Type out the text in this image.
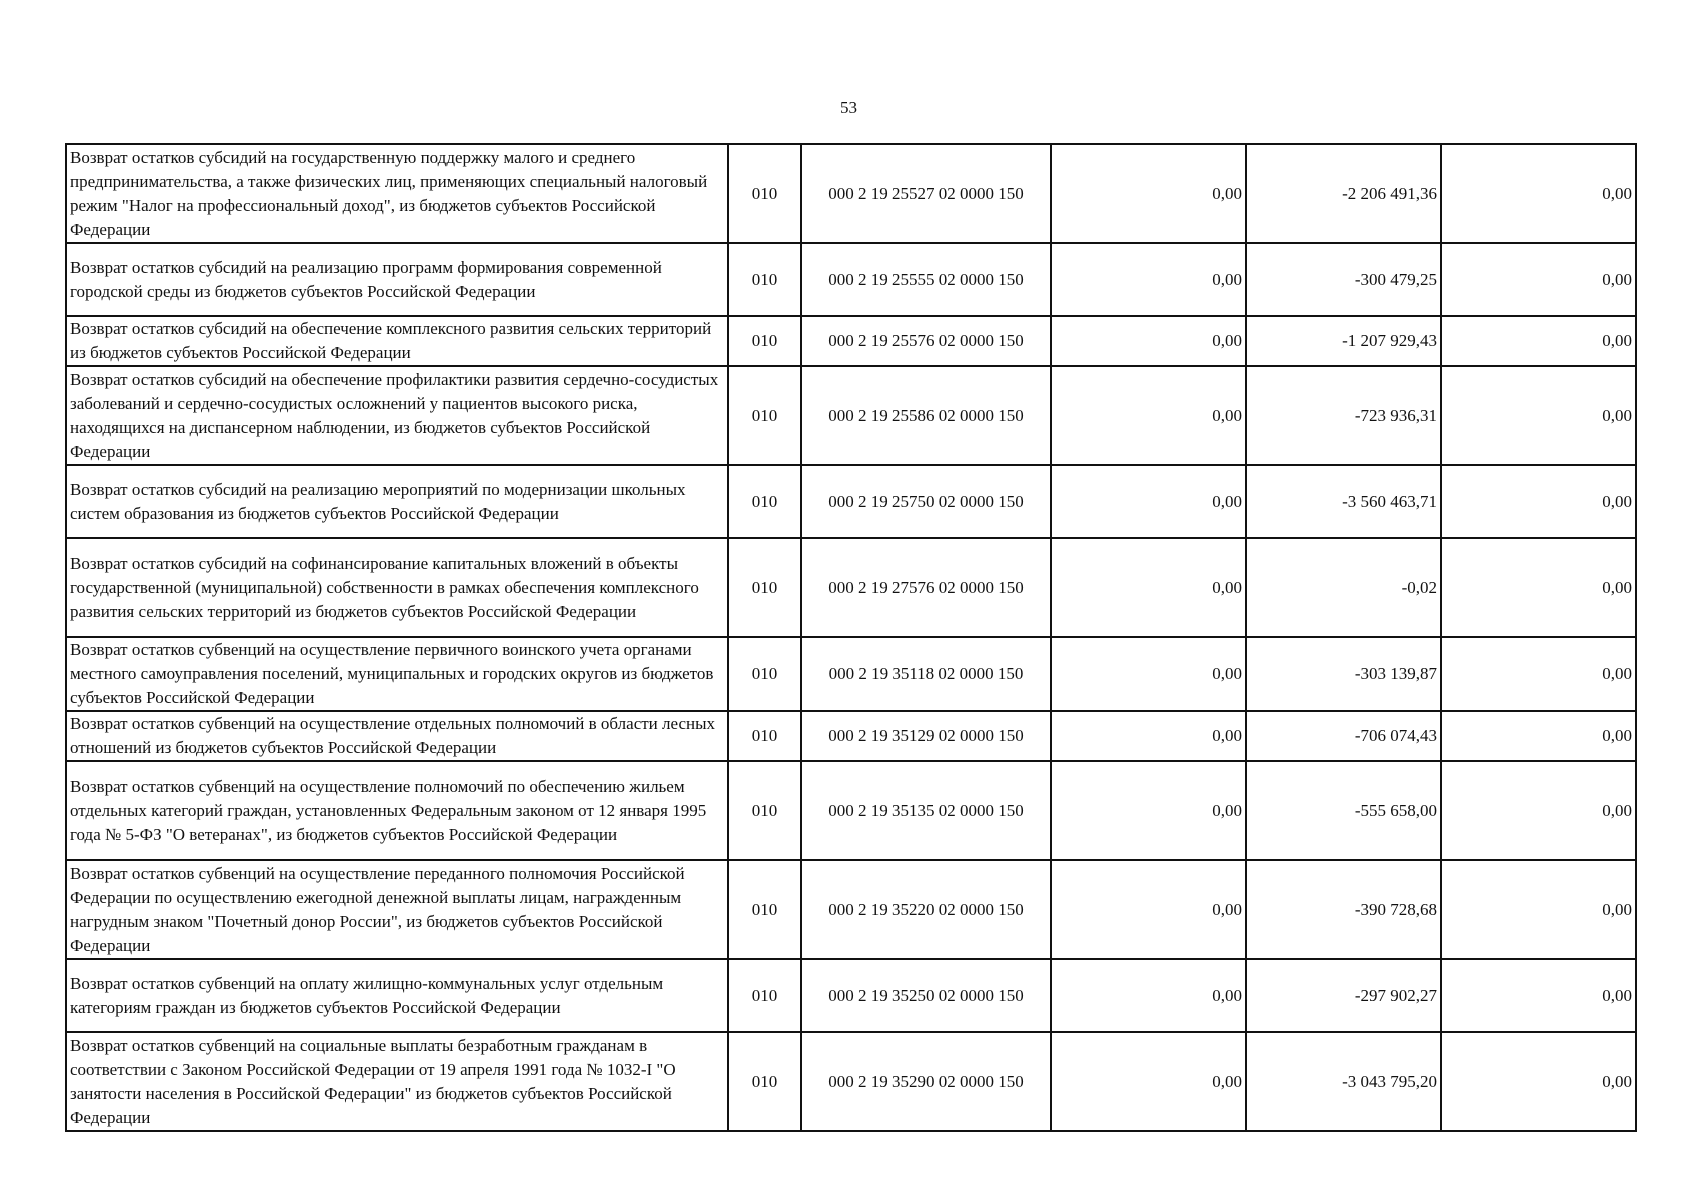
53
Возврат остатков субсидий на государственную поддержку малого и среднего предпринимательства, а также физических лиц, применяющих специальный налоговый режим "Налог на профессиональный доход", из бюджетов субъектов Российской Федерации	010	000 2 19 25527 02 0000 150	0,00	-2 206 491,36	0,00
Возврат остатков субсидий на реализацию программ формирования современной городской среды из бюджетов субъектов Российской Федерации	010	000 2 19 25555 02 0000 150	0,00	-300 479,25	0,00
Возврат остатков субсидий на обеспечение комплексного развития сельских территорий из бюджетов субъектов Российской Федерации	010	000 2 19 25576 02 0000 150	0,00	-1 207 929,43	0,00
Возврат остатков субсидий на обеспечение профилактики развития сердечно-сосудистых заболеваний и сердечно-сосудистых осложнений у пациентов высокого риска, находящихся на диспансерном наблюдении, из бюджетов субъектов Российской Федерации	010	000 2 19 25586 02 0000 150	0,00	-723 936,31	0,00
Возврат остатков субсидий на реализацию мероприятий по модернизации школьных систем образования из бюджетов субъектов Российской Федерации	010	000 2 19 25750 02 0000 150	0,00	-3 560 463,71	0,00
Возврат остатков субсидий на софинансирование капитальных вложений в объекты государственной (муниципальной) собственности в рамках обеспечения комплексного развития сельских территорий из бюджетов субъектов Российской Федерации	010	000 2 19 27576 02 0000 150	0,00	-0,02	0,00
Возврат остатков субвенций на осуществление первичного воинского учета органами местного самоуправления поселений, муниципальных и городских округов из бюджетов субъектов Российской Федерации	010	000 2 19 35118 02 0000 150	0,00	-303 139,87	0,00
Возврат остатков субвенций на осуществление отдельных полномочий в области лесных отношений из бюджетов субъектов Российской Федерации	010	000 2 19 35129 02 0000 150	0,00	-706 074,43	0,00
Возврат остатков субвенций на осуществление полномочий по обеспечению жильем отдельных категорий граждан, установленных Федеральным законом от 12 января 1995 года № 5-ФЗ "О ветеранах", из бюджетов субъектов Российской Федерации	010	000 2 19 35135 02 0000 150	0,00	-555 658,00	0,00
Возврат остатков субвенций на осуществление переданного полномочия Российской Федерации по осуществлению ежегодной денежной выплаты лицам, награжденным нагрудным знаком "Почетный донор России", из бюджетов субъектов Российской Федерации	010	000 2 19 35220 02 0000 150	0,00	-390 728,68	0,00
Возврат остатков субвенций на оплату жилищно-коммунальных услуг отдельным категориям граждан из бюджетов субъектов Российской Федерации	010	000 2 19 35250 02 0000 150	0,00	-297 902,27	0,00
Возврат остатков субвенций на социальные выплаты безработным гражданам в соответствии с Законом Российской Федерации от 19 апреля 1991 года № 1032-I "О занятости населения в Российской Федерации" из бюджетов субъектов Российской Федерации	010	000 2 19 35290 02 0000 150	0,00	-3 043 795,20	0,00
